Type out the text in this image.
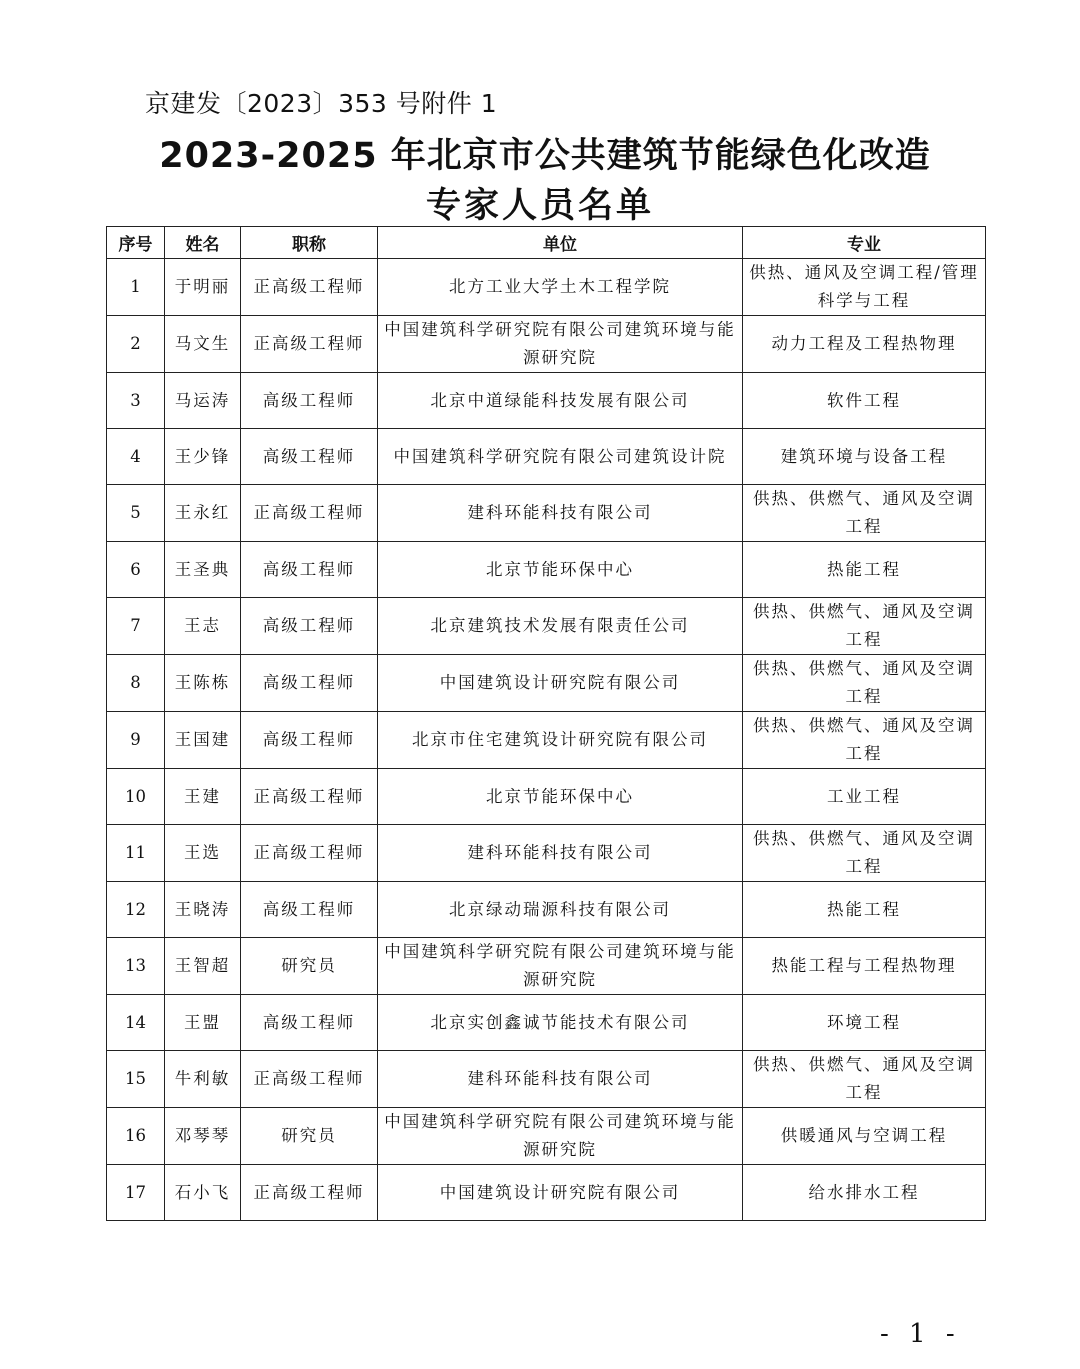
京建发〔2023〕353 号附件 1
2023-2025 年北京市公共建筑节能绿色化改造
专家人员名单
序号	姓名	职称	单位	专业
1	于明丽	正高级工程师	北方工业大学土木工程学院	供热、通风及空调工程/管理科学与工程
2	马文生	正高级工程师	中国建筑科学研究院有限公司建筑环境与能源研究院	动力工程及工程热物理
3	马运涛	高级工程师	北京中道绿能科技发展有限公司	软件工程
4	王少锋	高级工程师	中国建筑科学研究院有限公司建筑设计院	建筑环境与设备工程
5	王永红	正高级工程师	建科环能科技有限公司	供热、供燃气、通风及空调工程
6	王圣典	高级工程师	北京节能环保中心	热能工程
7	王志	高级工程师	北京建筑技术发展有限责任公司	供热、供燃气、通风及空调工程
8	王陈栋	高级工程师	中国建筑设计研究院有限公司	供热、供燃气、通风及空调工程
9	王国建	高级工程师	北京市住宅建筑设计研究院有限公司	供热、供燃气、通风及空调工程
10	王建	正高级工程师	北京节能环保中心	工业工程
11	王选	正高级工程师	建科环能科技有限公司	供热、供燃气、通风及空调工程
12	王晓涛	高级工程师	北京绿动瑞源科技有限公司	热能工程
13	王智超	研究员	中国建筑科学研究院有限公司建筑环境与能源研究院	热能工程与工程热物理
14	王盟	高级工程师	北京实创鑫诚节能技术有限公司	环境工程
15	牛利敏	正高级工程师	建科环能科技有限公司	供热、供燃气、通风及空调工程
16	邓琴琴	研究员	中国建筑科学研究院有限公司建筑环境与能源研究院	供暖通风与空调工程
17	石小飞	正高级工程师	中国建筑设计研究院有限公司	给水排水工程
- 1 -
